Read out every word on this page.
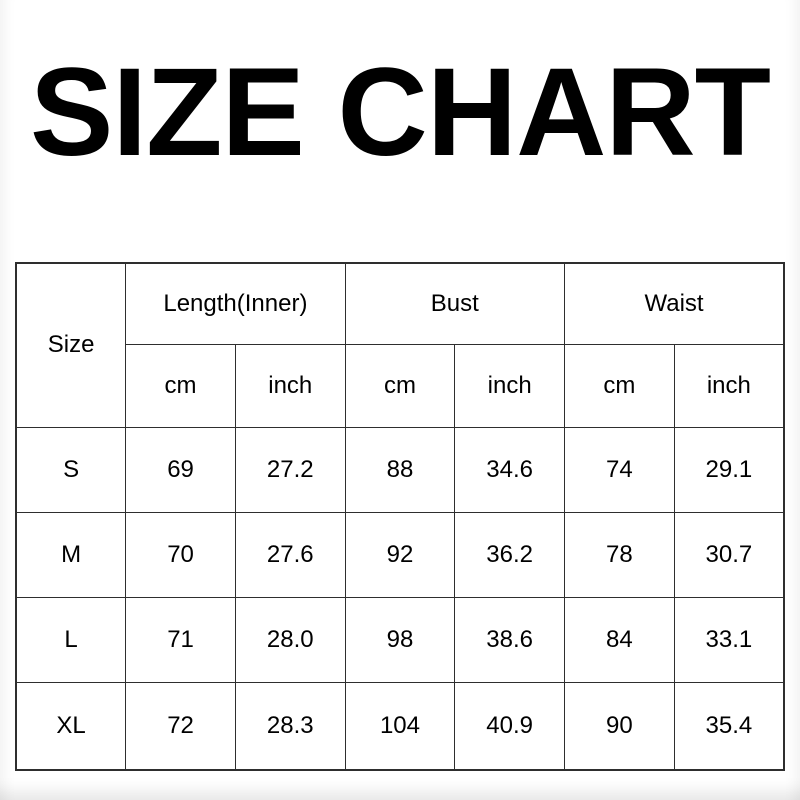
SIZE CHART
Size	Length(Inner)		Bust		Waist	
	cm	inch	cm	inch	cm	inch
S	69	27.2	88	34.6	74	29.1
M	70	27.6	92	36.2	78	30.7
L	71	28.0	98	38.6	84	33.1
XL	72	28.3	104	40.9	90	35.4
